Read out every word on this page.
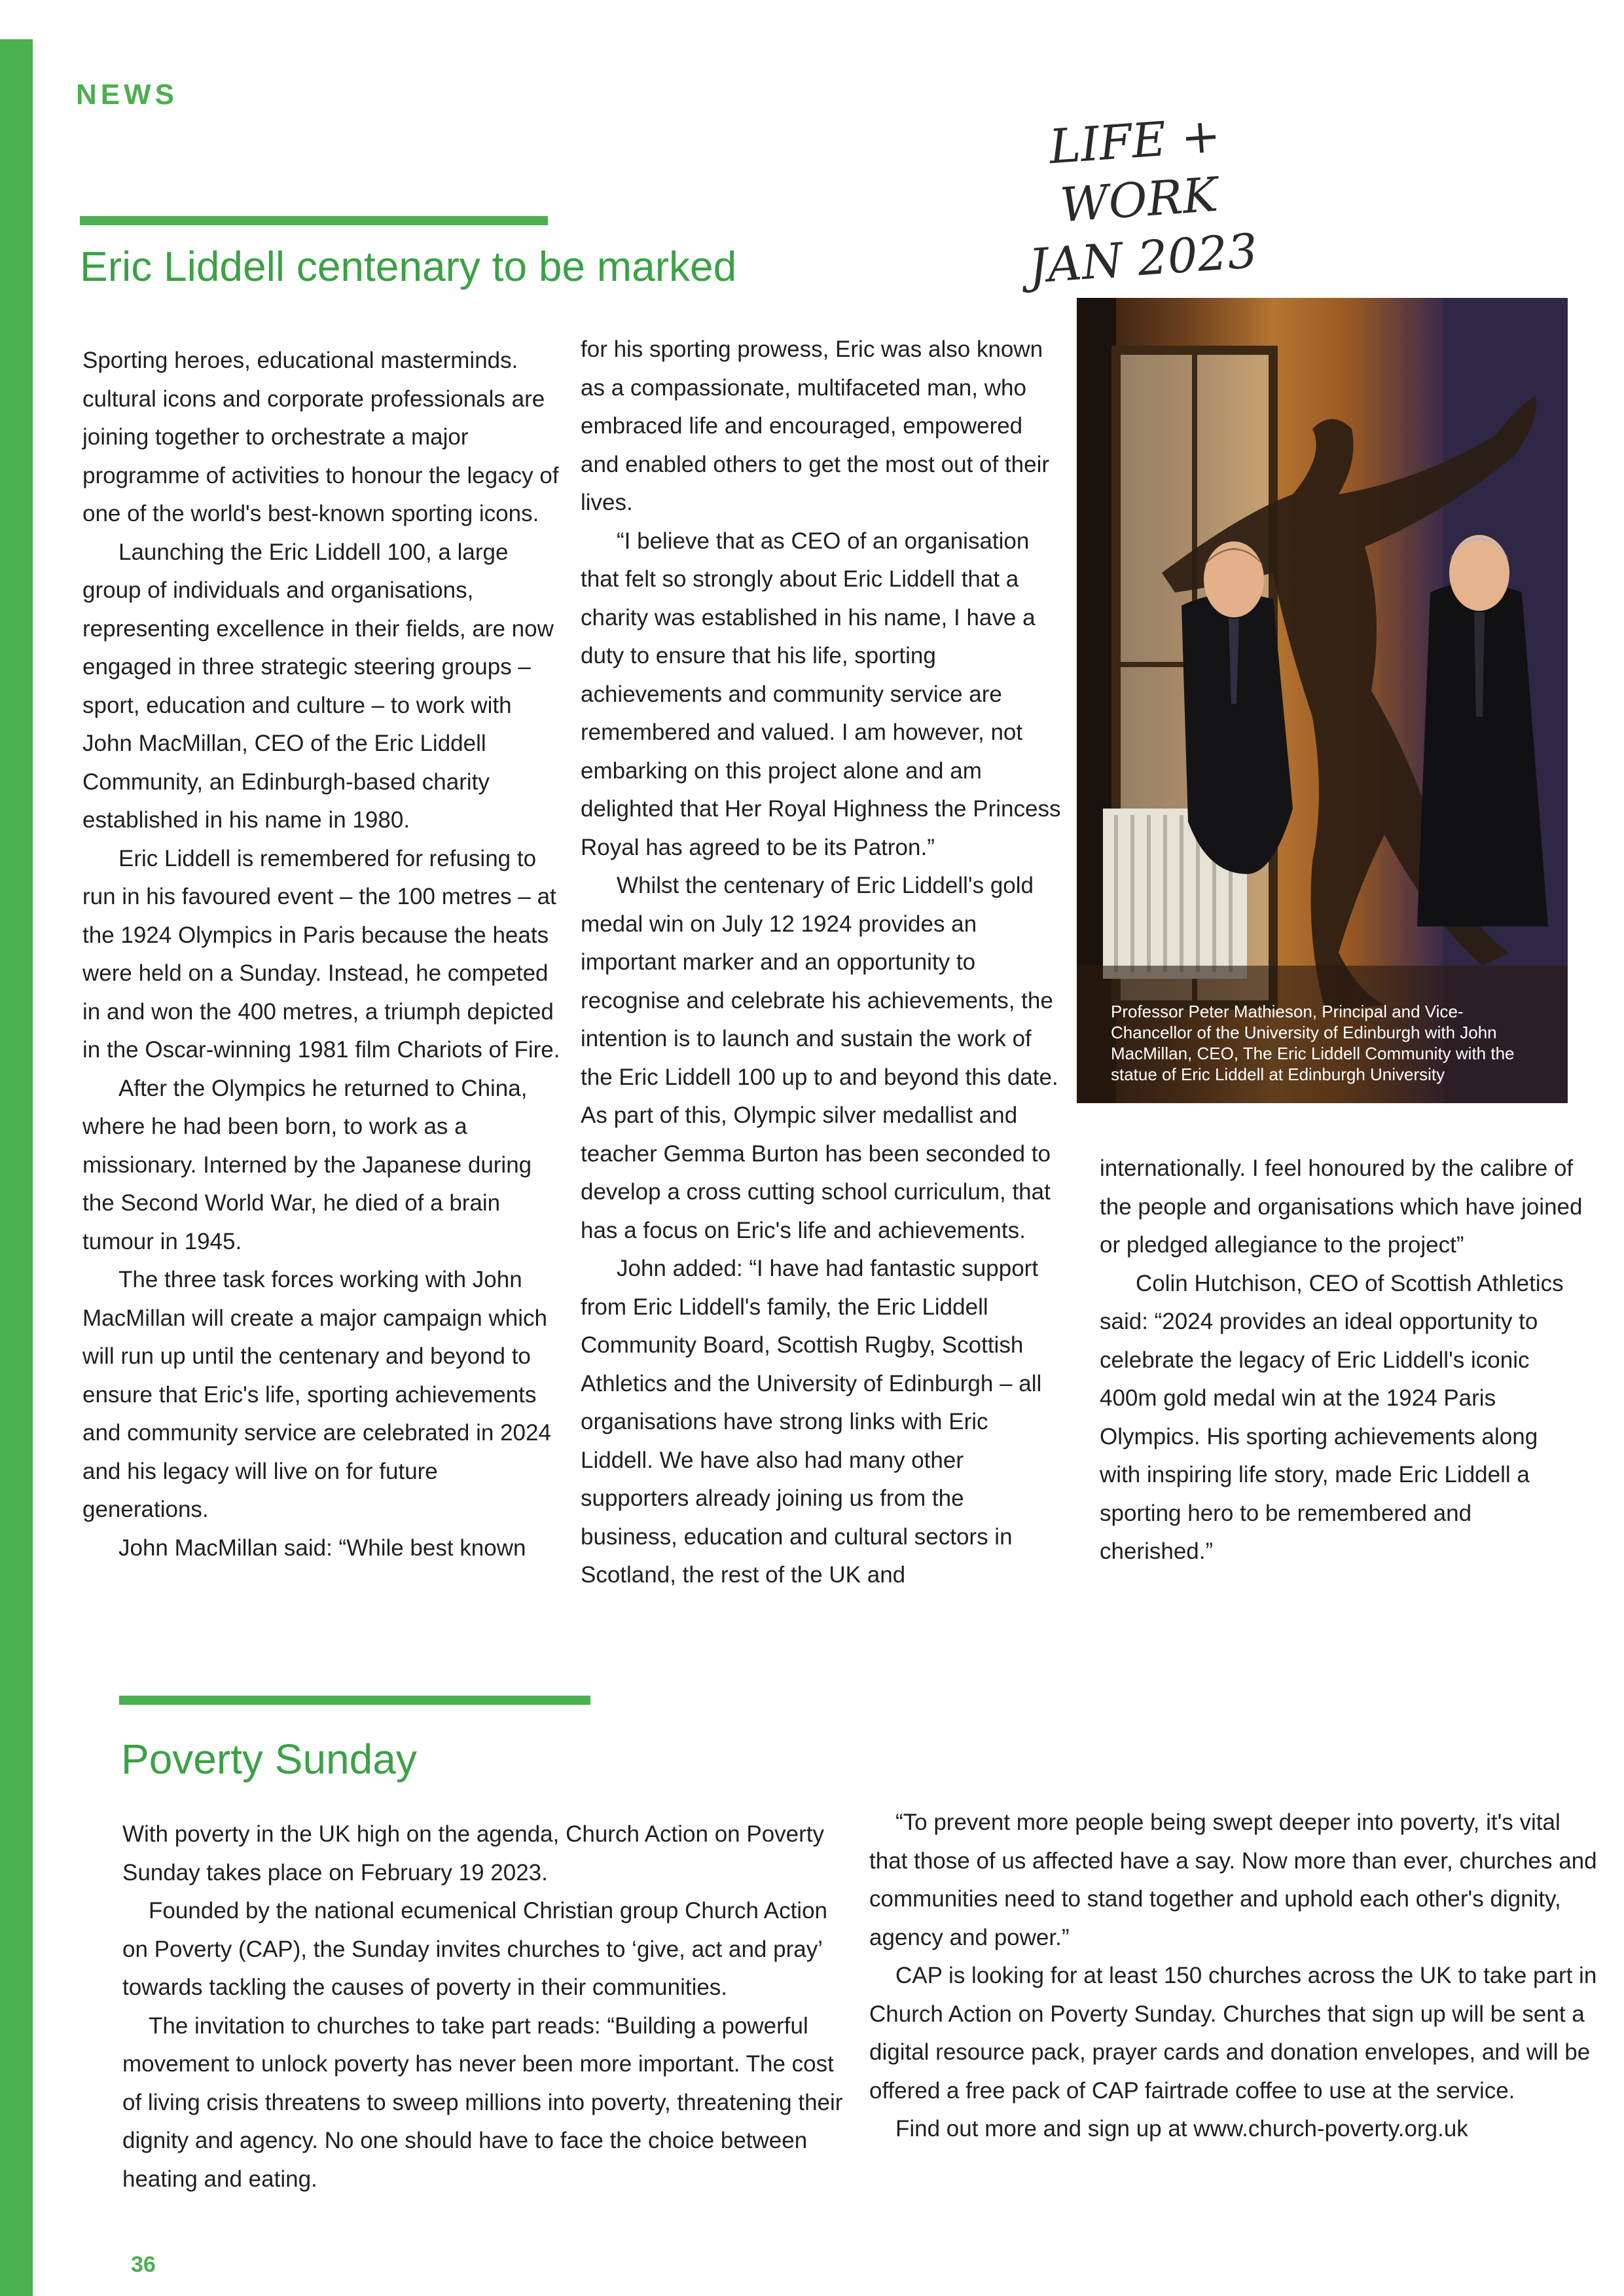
NEWS
LIFE + WORK
JAN 2023
Eric Liddell centenary to be marked

Sporting heroes, educational masterminds. cultural icons and corporate professionals are joining together to orchestrate a major programme of activities to honour the legacy of one of the world's best-known sporting icons.

Launching the Eric Liddell 100, a large group of individuals and organisations, representing excellence in their fields, are now engaged in three strategic steering groups – sport, education and culture – to work with John MacMillan, CEO of the Eric Liddell Community, an Edinburgh-based charity established in his name in 1980.

Eric Liddell is remembered for refusing to run in his favoured event – the 100 metres – at the 1924 Olympics in Paris because the heats were held on a Sunday. Instead, he competed in and won the 400 metres, a triumph depicted in the Oscar-winning 1981 film Chariots of Fire.

After the Olympics he returned to China, where he had been born, to work as a missionary. Interned by the Japanese during the Second World War, he died of a brain tumour in 1945.

The three task forces working with John MacMillan will create a major campaign which will run up until the centenary and beyond to ensure that Eric's life, sporting achievements and community service are celebrated in 2024 and his legacy will live on for future generations.

John MacMillan said: “While best known

for his sporting prowess, Eric was also known as a compassionate, multifaceted man, who embraced life and encouraged, empowered and enabled others to get the most out of their lives.

“I believe that as CEO of an organisation that felt so strongly about Eric Liddell that a charity was established in his name, I have a duty to ensure that his life, sporting achievements and community service are remembered and valued. I am however, not embarking on this project alone and am delighted that Her Royal Highness the Princess Royal has agreed to be its Patron.”

Whilst the centenary of Eric Liddell's gold medal win on July 12 1924 provides an important marker and an opportunity to recognise and celebrate his achievements, the intention is to launch and sustain the work of the Eric Liddell 100 up to and beyond this date. As part of this, Olympic silver medallist and teacher Gemma Burton has been seconded to develop a cross cutting school curriculum, that has a focus on Eric's life and achievements.

John added: “I have had fantastic support from Eric Liddell's family, the Eric Liddell Community Board, Scottish Rugby, Scottish Athletics and the University of Edinburgh – all organisations have strong links with Eric Liddell. We have also had many other supporters already joining us from the business, education and cultural sectors in Scotland, the rest of the UK and

Professor Peter Mathieson, Principal and Vice-Chancellor of the University of Edinburgh with John MacMillan, CEO, The Eric Liddell Community with the statue of Eric Liddell at Edinburgh University

internationally. I feel honoured by the calibre of the people and organisations which have joined or pledged allegiance to the project”

Colin Hutchison, CEO of Scottish Athletics said: “2024 provides an ideal opportunity to celebrate the legacy of Eric Liddell's iconic 400m gold medal win at the 1924 Paris Olympics. His sporting achievements along with inspiring life story, made Eric Liddell a sporting hero to be remembered and cherished.”

Poverty Sunday

With poverty in the UK high on the agenda, Church Action on Poverty Sunday takes place on February 19 2023.

Founded by the national ecumenical Christian group Church Action on Poverty (CAP), the Sunday invites churches to ‘give, act and pray’ towards tackling the causes of poverty in their communities.

The invitation to churches to take part reads: “Building a powerful movement to unlock poverty has never been more important. The cost of living crisis threatens to sweep millions into poverty, threatening their dignity and agency. No one should have to face the choice between heating and eating.

“To prevent more people being swept deeper into poverty, it's vital that those of us affected have a say. Now more than ever, churches and communities need to stand together and uphold each other's dignity, agency and power.”

CAP is looking for at least 150 churches across the UK to take part in Church Action on Poverty Sunday. Churches that sign up will be sent a digital resource pack, prayer cards and donation envelopes, and will be offered a free pack of CAP fairtrade coffee to use at the service.

Find out more and sign up at www.church-poverty.org.uk

36
